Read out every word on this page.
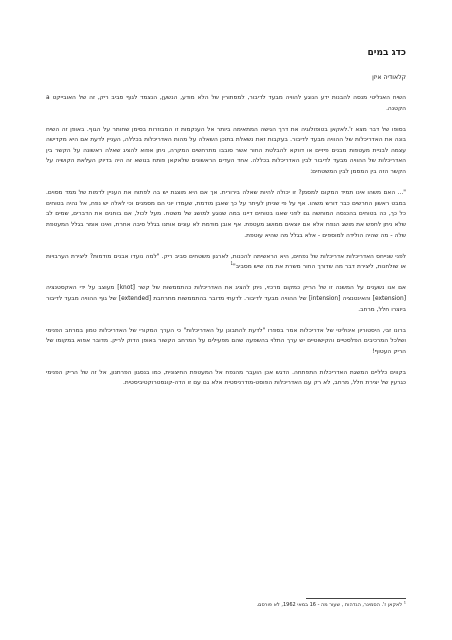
כדג במים
קלאודיה איזן

השיח האנליטי מנסה להבנות ידע הנוגע להוויה מבעד לדיבור, למסתורין של הלא מודע, הנשען, הנצמד לגוף סביב ריק, זה של האובייקט a הקטנה.

בסופו של דבר מצא ז'.לאקאן בטופולוגיה את דרך הגישה המתאימה ביותר אל הענקמות זו המבוזרות בסימן שחותר על הגוף. באופן זה השיח בונה את האדריכלות של ההוויה מבעד לדיבור. בעקבות זאת נשאלת בתוכן השאלה על מהות האדריכלות בכללה, העניין לדעת אם היא מקדישה עצמה לבניית מעטפות מבנים פיזיים או דווקא להבלטת החור אשר סובבו מתרחשים המקרה, ניתן אפוא להציג שאלה ראשונה על הקשר בין האדריכלות של ההוויה מבעד לדיבור לבין האדריכלות בכללה. אחד העדים הראשונים שלאקאן פותח בנושא זה היה בדיוק העלאת הקושיה על הקשר הזה בין המסמן לבין המשטחים:

"... האם משהו אינו תמיד המקום למסמן? זו יכולה להיות שאלה בירורית. אך אם היא מוצגת יש בה לפתוח את העניין לדמות של ממד מסוים. במבט ראשון החרשים כבר דורש משהו. אף על פי שניתן לעיתר על כך שאבן מודמת, שעמדו יוני הם מסמנים וכי לאלה יש נפח, אל נהיה בטוחים כל כך, כה בטוחים בהכנסה המוחשה גם לפני שאנו בטוחים דיינו במה שנוגע למושג של משטח. מעל לכול, אם בוחנים את הדברים, שמים לב שלא ניתן לחפש את מושג הנפח אלא אם יוצאים ממושג מעטפת. אף אובן מודמת לא עונים אותנו בגלל סיבה אחרת, ואינו אומר בגלל המעטפת שלה - מה שהיה הולידה למוספים - אלא בגלל מה שהיא עוטפת.

לפני שנייחס האדריכלות אדריכלות של נפחים, היא הראשיתה להכנות, לארגון משטחים סביב ריק. "למה נועדו אבנים מודמות? ליצירת הערבויות או שולחנות, ליצירת דבר מה שדורך החור משרת את מה שיש מסביב"$^1$

אם אנו נשענים על המשנה זו של הריק כמקום מרכזי, ניתן להציג את האדריכלות כהתממשות של קשר [knot] מעוצב על ידי האקסטנציה [extension] והאינטנציה [intension] של ההוויה מבעד לדיבור. לדעתי מדובר בהתממשות מתרחבת [extended] של גוף ההוויה מבעד לדיבור ביוצרו חלל, מרחב.

ברונו זבי, היסטוריון אינוליטי של אדריכלות אמר בספרו "לדעת להתבונן על האדריכלות" כי הערך המקורי של האדריכלות טמון במרחב הפנימי ושלכל המרכיבים הפלסטיים והקישוטיים יש ערך התלוי בהשפעה שהם מפעילים על המרחב הקשור באופן הדוק לריק. מדובר אפוא במקומו של הריק העטוף!

בקווים כלליים המשגת האדריכלות התפתחה. הדגש אכן הועבר מהנפח אל המעטפת החיצונית, כמו בנסגון הפרתנון, אל זה של הריק הפנימי כגרעין של יצירת חלל, מרחב, לא רק עם האדריכלות הפוסט-מודרניסטית אלא גם עם זו הדה-קונסטרוקטיביסטית.

$^1$ לאקאן ז'. הסמינר, הגדהות , שעור מה - 16 במאי 1962, לא פורסם.
